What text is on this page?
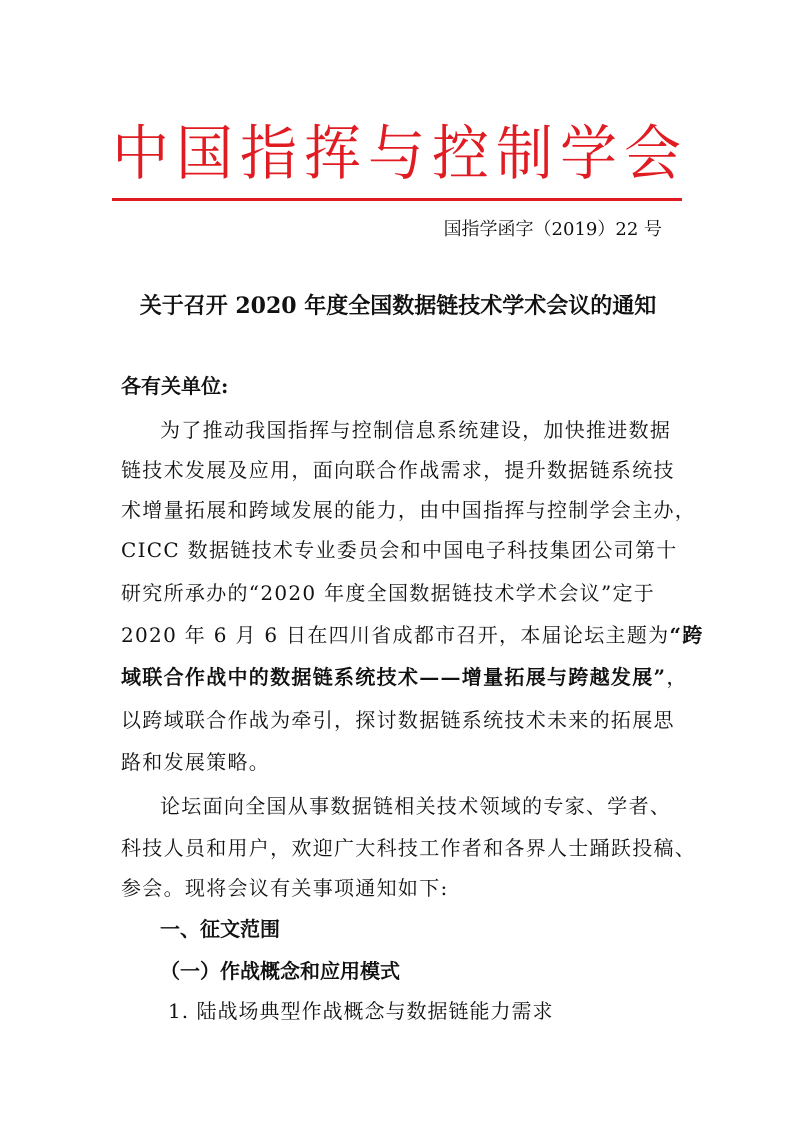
中国指挥与控制学会
国指学函字（2019）22 号
关于召开 2020 年度全国数据链技术学术会议的通知
各有关单位:
为了推动我国指挥与控制信息系统建设，加快推进数据
链技术发展及应用，面向联合作战需求，提升数据链系统技
术增量拓展和跨域发展的能力，由中国指挥与控制学会主办，
CICC 数据链技术专业委员会和中国电子科技集团公司第十
研究所承办的“2020 年度全国数据链技术学术会议”定于
2020 年 6 月 6 日在四川省成都市召开，本届论坛主题为“跨
域联合作战中的数据链系统技术——增量拓展与跨越发展”，
以跨域联合作战为牵引，探讨数据链系统技术未来的拓展思
路和发展策略。
论坛面向全国从事数据链相关技术领域的专家、学者、
科技人员和用户，欢迎广大科技工作者和各界人士踊跃投稿、
参会。现将会议有关事项通知如下:
一、征文范围
（一）作战概念和应用模式
1. 陆战场典型作战概念与数据链能力需求
